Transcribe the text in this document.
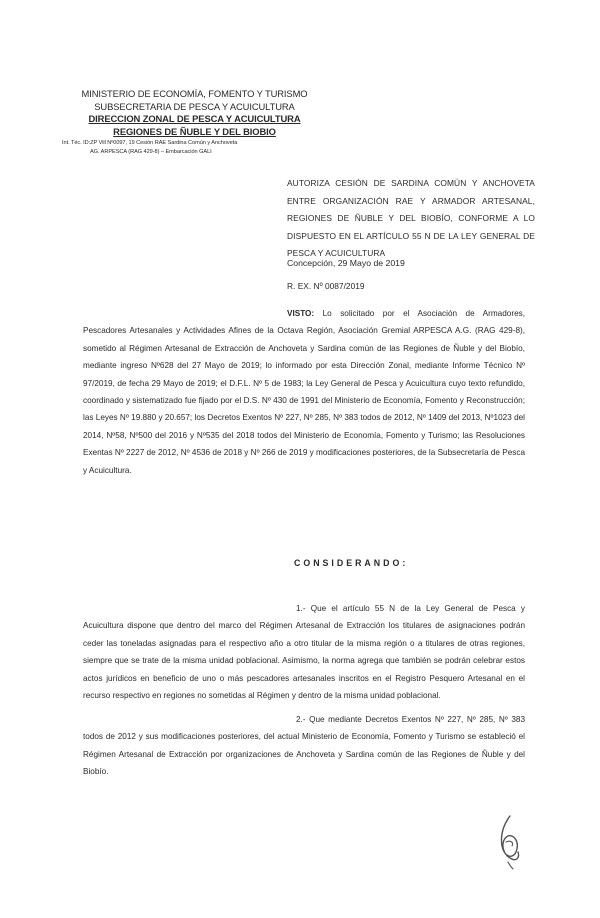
MINISTERIO DE ECONOMÍA, FOMENTO Y TURISMO
SUBSECRETARIA DE PESCA Y ACUICULTURA
DIRECCION ZONAL DE PESCA Y ACUICULTURA
REGIONES DE ÑUBLE Y DEL BIOBIO
Int. Téc. ID:ZP Vill Nº0097, 19 Cesión RAE Sardina Común y Anchoveta
AG. ARPESCA (RAG 429-8) – Embarcación GALI
AUTORIZA CESIÓN DE SARDINA COMÚN Y ANCHOVETA ENTRE ORGANIZACIÓN RAE Y ARMADOR ARTESANAL, REGIONES DE ÑUBLE Y DEL BIOBÍO, CONFORME A LO DISPUESTO EN EL ARTÍCULO 55 N DE LA LEY GENERAL DE PESCA Y ACUICULTURA
Concepción, 29 Mayo de 2019
R. EX. Nº 0087/2019
VISTO: Lo solicitado por el Asociación de Armadores, Pescadores Artesanales y Actividades Afines de la Octava Región, Asociación Gremial ARPESCA A.G. (RAG 429-8), sometido al Régimen Artesanal de Extracción de Anchoveta y Sardina común de las Regiones de Ñuble y del Biobío, mediante ingreso Nº628 del 27 Mayo de 2019; lo informado por esta Dirección Zonal, mediante Informe Técnico Nº 97/2019, de fecha 29 Mayo de 2019; el D.F.L. Nº 5 de 1983; la Ley General de Pesca y Acuicultura cuyo texto refundido, coordinado y sistematizado fue fijado por el D.S. Nº 430 de 1991 del Ministerio de Economía, Fomento y Reconstrucción; las Leyes Nº 19.880 y 20.657; los Decretos Exentos Nº 227, Nº 285, Nº 383 todos de 2012, Nº 1409 del 2013, Nº1023 del 2014, Nº58, Nº500 del 2016 y Nº535 del 2018 todos del Ministerio de Economía, Fomento y Turismo; las Resoluciones Exentas Nº 2227 de 2012, Nº 4536 de 2018 y Nº 266 de 2019 y modificaciones posteriores, de la Subsecretaría de Pesca y Acuicultura.
CONSIDERANDO:
1.- Que el artículo 55 N de la Ley General de Pesca y Acuicultura dispone que dentro del marco del Régimen Artesanal de Extracción los titulares de asignaciones podrán ceder las toneladas asignadas para el respectivo año a otro titular de la misma región o a titulares de otras regiones, siempre que se trate de la misma unidad poblacional. Asimismo, la norma agrega que también se podrán celebrar estos actos jurídicos en beneficio de uno o más pescadores artesanales inscritos en el Registro Pesquero Artesanal en el recurso respectivo en regiones no sometidas al Régimen y dentro de la misma unidad poblacional.
2.- Que mediante Decretos Exentos Nº 227, Nº 285, Nº 383 todos de 2012 y sus modificaciones posteriores, del actual Ministerio de Economía, Fomento y Turismo se estableció el Régimen Artesanal de Extracción por organizaciones de Anchoveta y Sardina común de las Regiones de Ñuble y del Biobío.
